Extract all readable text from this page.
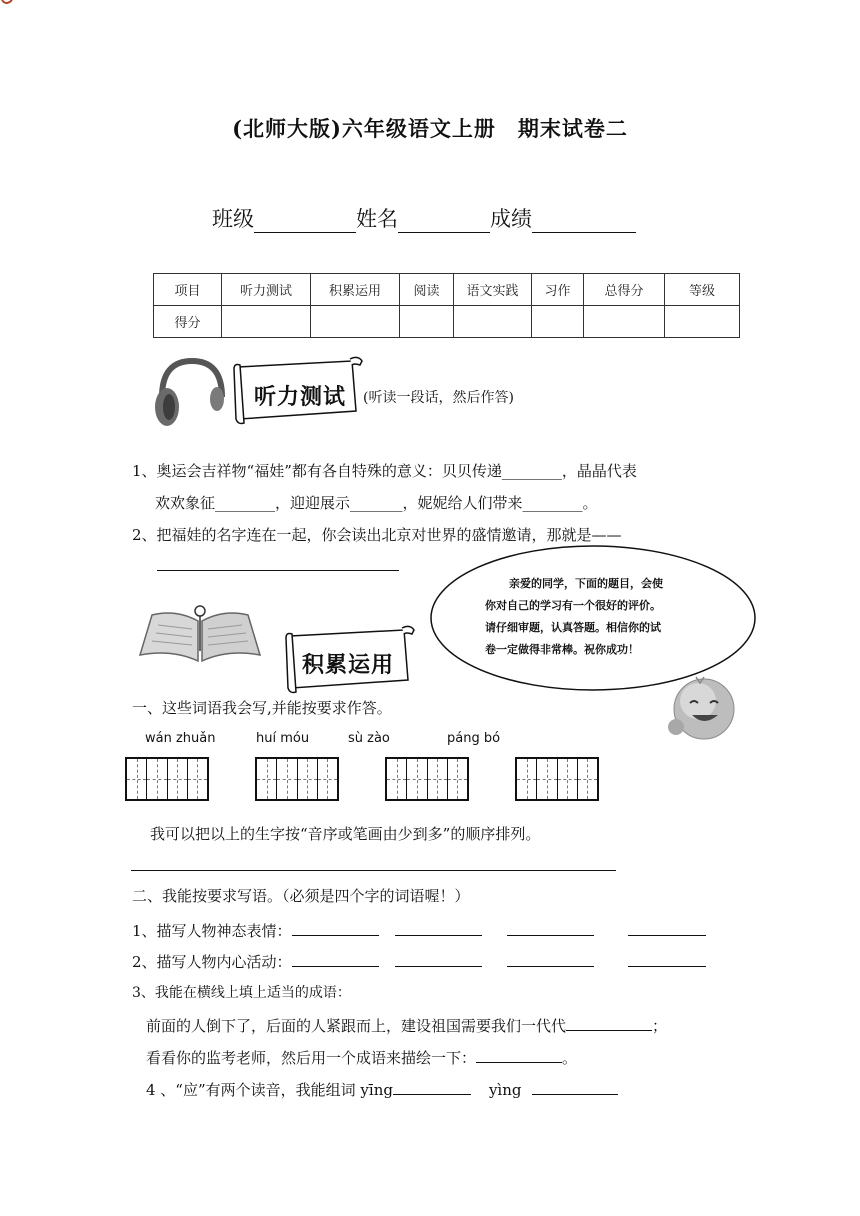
(北师大版)六年级语文上册　期末试卷二
班级	姓名	成绩
项目	听力测试	积累运用	阅读	语文实践	习作	总得分	等级
得分							
听力测试 (听读一段话，然后作答)
1、奥运会吉祥物“福娃”都有各自特殊的意义：贝贝传递________，晶晶代表
欢欢象征________，迎迎展示_______，妮妮给人们带来________。
2、把福娃的名字连在一起，你会读出北京对世界的盛情邀请，那就是——
亲爱的同学，下面的题目，会使
你对自己的学习有一个很好的评价。
请仔细审题，认真答题。相信你的试
卷一定做得非常棒。祝你成功！
积累运用
一、这些词语我会写,并能按要求作答。
wán zhuǎn	huí móu	sù zào	páng bó
我可以把以上的生字按“音序或笔画由少到多”的顺序排列。
二、我能按要求写语。（必须是四个字的词语喔！）
1、描写人物神态表情：
2、描写人物内心活动：
3、我能在横线上填上适当的成语：
前面的人倒下了，后面的人紧跟而上，建设祖国需要我们一代代	；
看看你的监考老师，然后用一个成语来描绘一下：	。
4 、“应”有两个读音，我能组词 yīng	yìng
